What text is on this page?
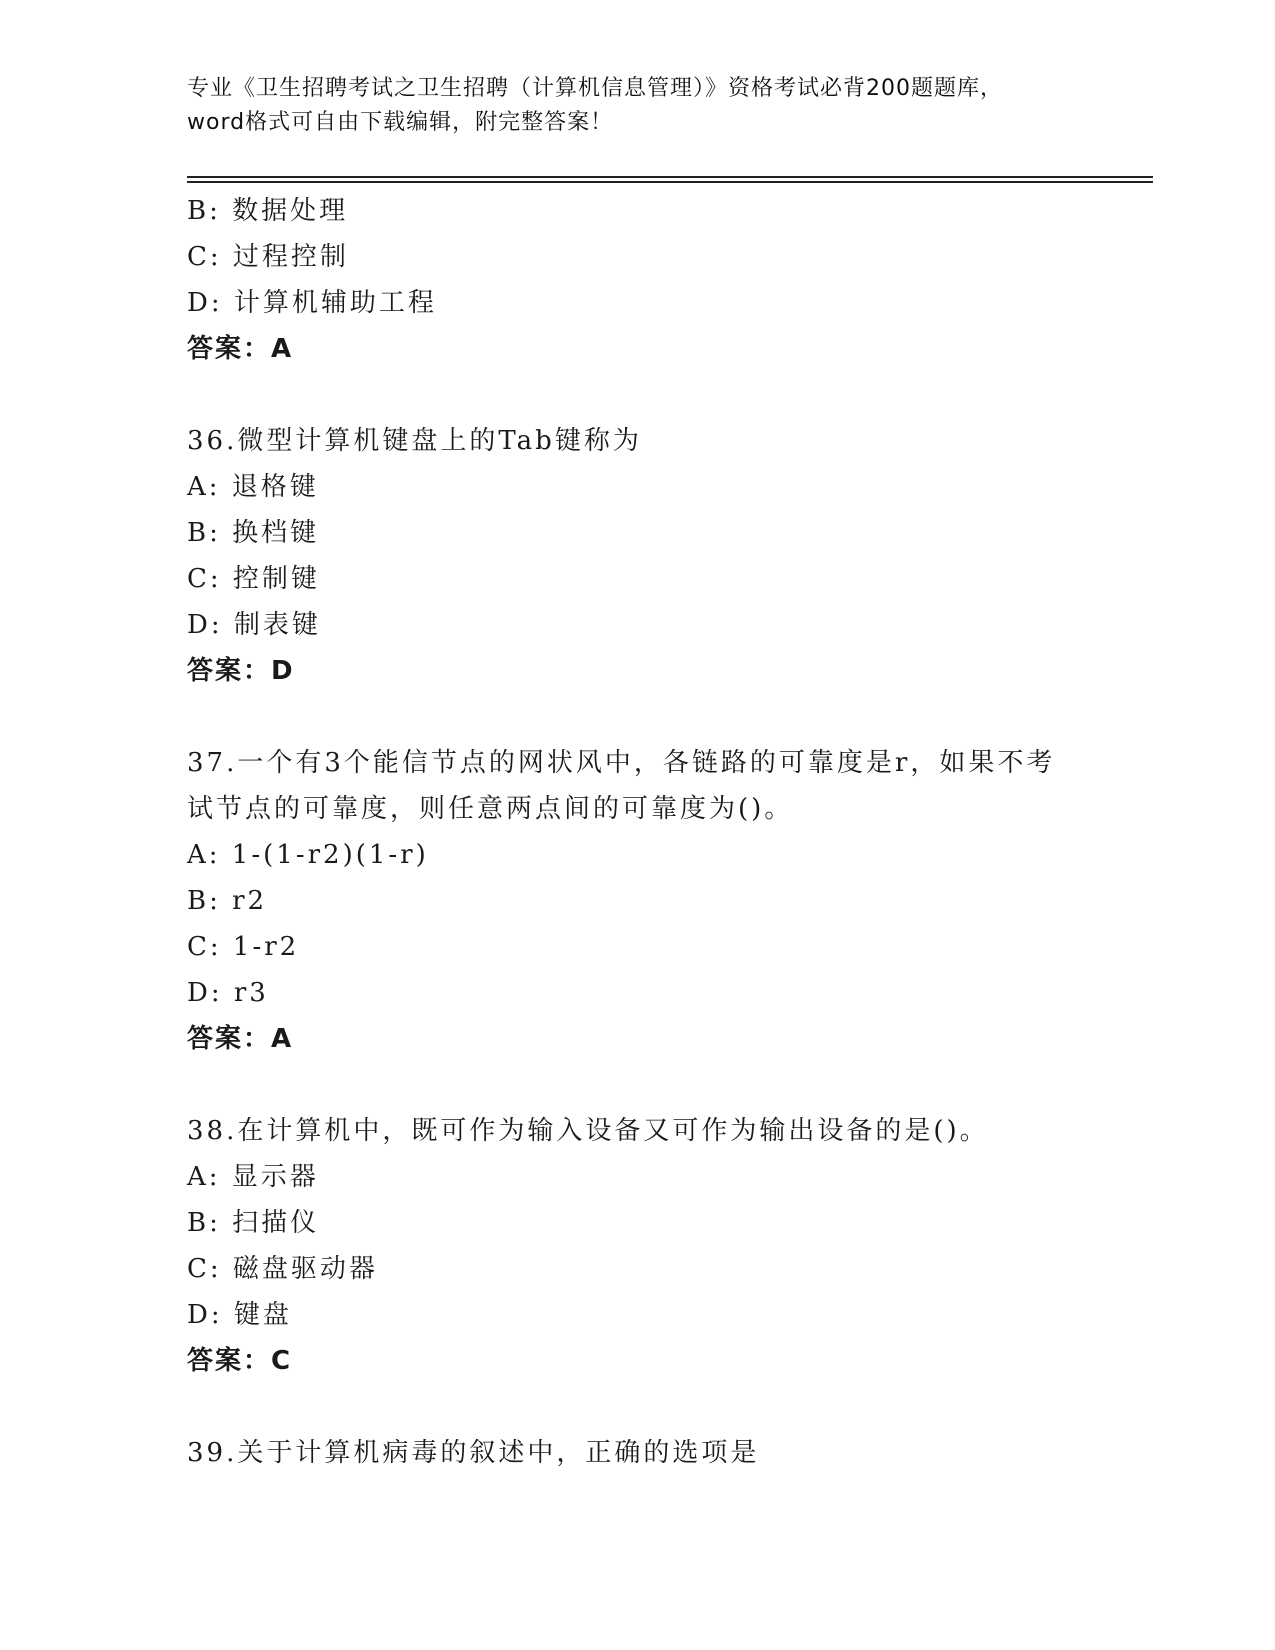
专业《卫生招聘考试之卫生招聘（计算机信息管理）》资格考试必背200题题库，
word格式可自由下载编辑，附完整答案！
B: 数据处理
C: 过程控制
D: 计算机辅助工程
答案：A
36.微型计算机键盘上的Tab键称为
A: 退格键
B: 换档键
C: 控制键
D: 制表键
答案：D
37.一个有3个能信节点的网状风中，各链路的可靠度是r，如果不考
试节点的可靠度，则任意两点间的可靠度为()。
A: 1-(1-r2)(1-r)
B: r2
C: 1-r2
D: r3
答案：A
38.在计算机中，既可作为输入设备又可作为输出设备的是()。
A: 显示器
B: 扫描仪
C: 磁盘驱动器
D: 键盘
答案：C
39.关于计算机病毒的叙述中，正确的选项是
